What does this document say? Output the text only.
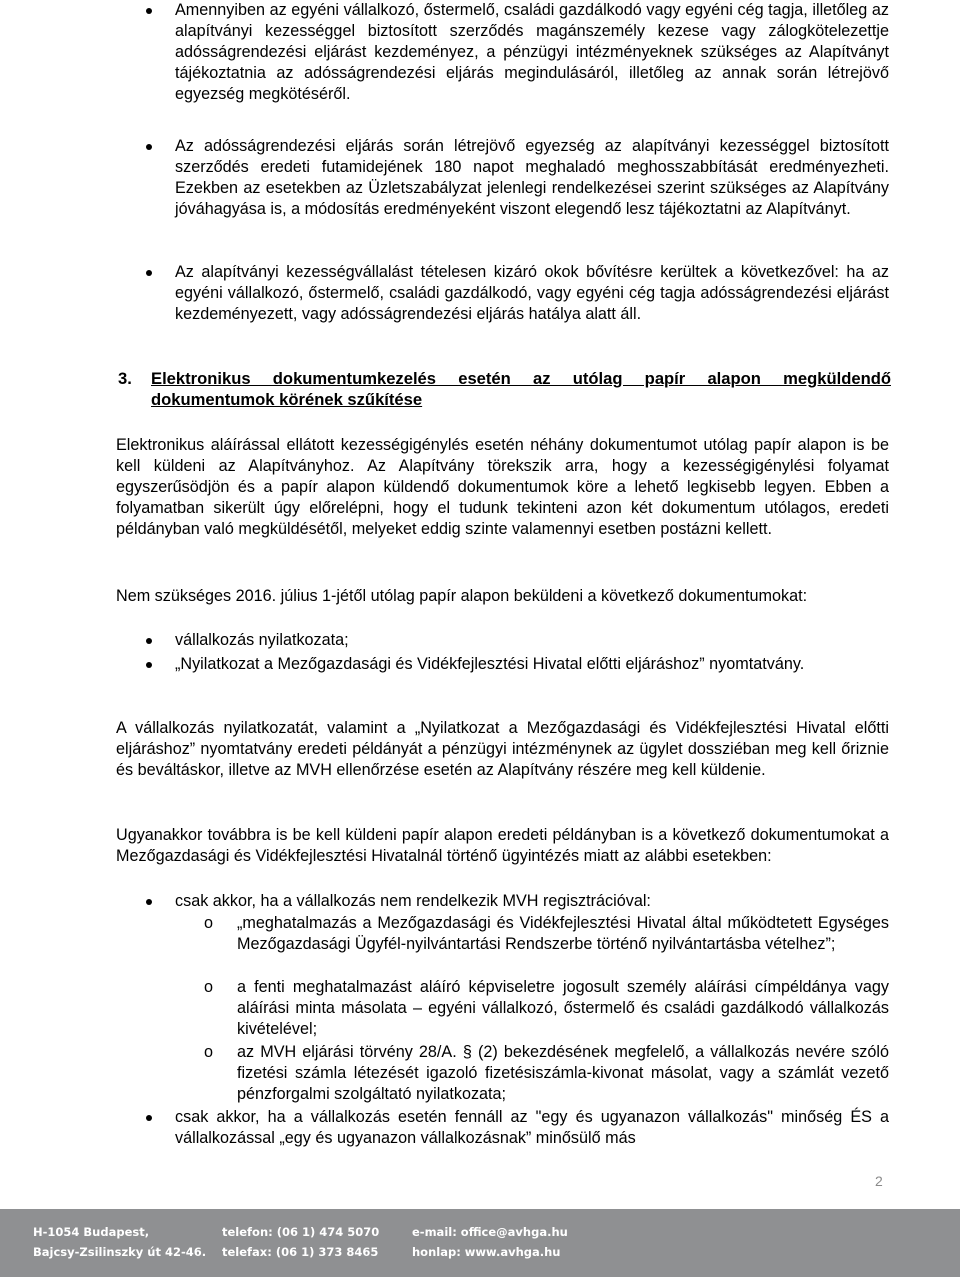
Amennyiben az egyéni vállalkozó, őstermelő, családi gazdálkodó vagy egyéni cég tagja, illetőleg az alapítványi kezességgel biztosított szerződés magánszemély kezese vagy zálogkötelezettje adósságrendezési eljárást kezdeményez, a pénzügyi intézményeknek szükséges az Alapítványt tájékoztatnia az adósságrendezési eljárás megindulásáról, illetőleg az annak során létrejövő egyezség megkötéséről.
Az adósságrendezési eljárás során létrejövő egyezség az alapítványi kezességgel biztosított szerződés eredeti futamidejének 180 napot meghaladó meghosszabbítását eredményezheti. Ezekben az esetekben az Üzletszabályzat jelenlegi rendelkezései szerint szükséges az Alapítvány jóváhagyása is, a módosítás eredményeként viszont elegendő lesz tájékoztatni az Alapítványt.
Az alapítványi kezességvállalást tételesen kizáró okok bővítésre kerültek a következővel: ha az egyéni vállalkozó, őstermelő, családi gazdálkodó, vagy egyéni cég tagja adósságrendezési eljárást kezdeményezett, vagy adósságrendezési eljárás hatálya alatt áll.
3. Elektronikus dokumentumkezelés esetén az utólag papír alapon megküldendő dokumentumok körének szűkítése
Elektronikus aláírással ellátott kezességigénylés esetén néhány dokumentumot utólag papír alapon is be kell küldeni az Alapítványhoz. Az Alapítvány törekszik arra, hogy a kezességigénylési folyamat egyszerűsödjön és a papír alapon küldendő dokumentumok köre a lehető legkisebb legyen. Ebben a folyamatban sikerült úgy előrelépni, hogy el tudunk tekinteni azon két dokumentum utólagos, eredeti példányban való megküldésétől, melyeket eddig szinte valamennyi esetben postázni kellett.
Nem szükséges 2016. július 1-jétől utólag papír alapon beküldeni a következő dokumentumokat:
vállalkozás nyilatkozata;
„Nyilatkozat a Mezőgazdasági és Vidékfejlesztési Hivatal előtti eljáráshoz” nyomtatvány.
A vállalkozás nyilatkozatát, valamint a „Nyilatkozat a Mezőgazdasági és Vidékfejlesztési Hivatal előtti eljáráshoz” nyomtatvány eredeti példányát a pénzügyi intézménynek az ügylet dossziéban meg kell őriznie és beváltáskor, illetve az MVH ellenőrzése esetén az Alapítvány részére meg kell küldenie.
Ugyanakkor továbbra is be kell küldeni papír alapon eredeti példányban is a következő dokumentumokat a Mezőgazdasági és Vidékfejlesztési Hivatalnál történő ügyintézés miatt az alábbi esetekben:
csak akkor, ha a vállalkozás nem rendelkezik MVH regisztrációval:
o „meghatalmazás a Mezőgazdasági és Vidékfejlesztési Hivatal által működtetett Egységes Mezőgazdasági Ügyfél-nyilvántartási Rendszerbe történő nyilvántartásba vételhez”;
o a fenti meghatalmazást aláíró képviseletre jogosult személy aláírási címpéldánya vagy aláírási minta másolata – egyéni vállalkozó, őstermelő és családi gazdálkodó vállalkozás kivételével;
o az MVH eljárási törvény 28/A. § (2) bekezdésének megfelelő, a vállalkozás nevére szóló fizetési számla létezését igazoló fizetésiszámla-kivonat másolat, vagy a számlát vezető pénzforgalmi szolgáltató nyilatkozata;
csak akkor, ha a vállalkozás esetén fennáll az "egy és ugyanazon vállalkozás" minőség ÉS a vállalkozással „egy és ugyanazon vállalkozásnak” minősülő más
2
H-1054 Budapest,
Bajcsy-Zsilinszky út 42-46.
telefon: (06 1) 474 5070
telefax: (06 1) 373 8465
e-mail: office@avhga.hu
honlap: www.avhga.hu
